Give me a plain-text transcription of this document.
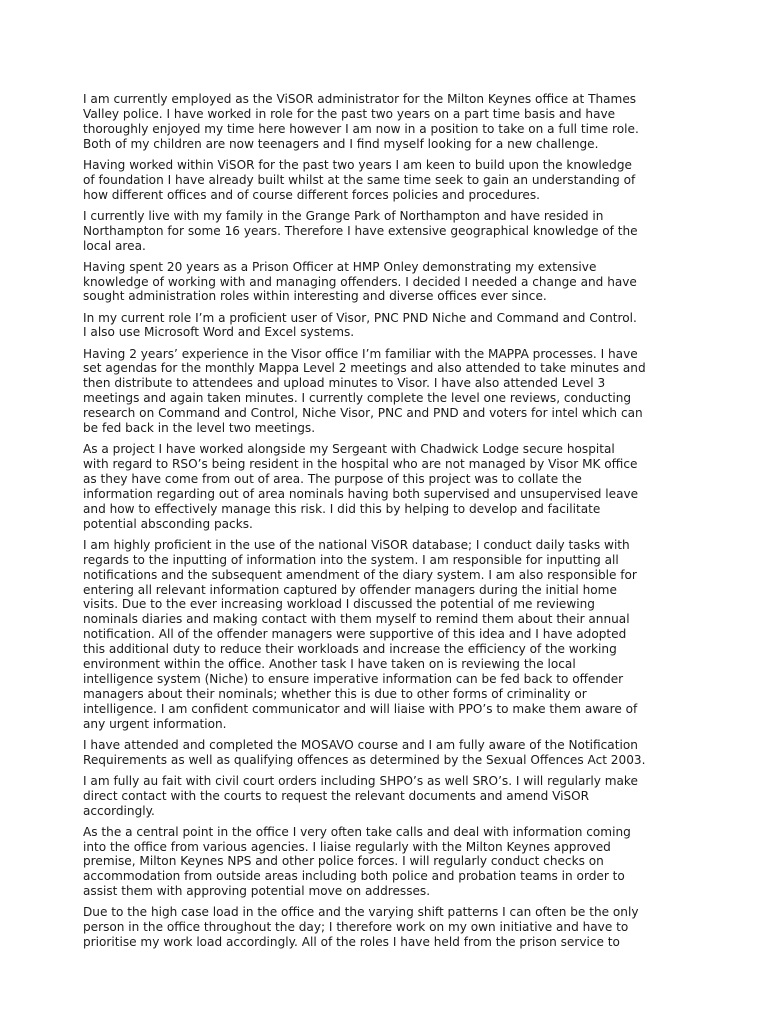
I am currently employed as the ViSOR administrator for the Milton Keynes office at Thames
Valley police. I have worked in role for the past two years on a part time basis and have
thoroughly enjoyed my time here however I am now in a position to take on a full time role.
Both of my children are now teenagers and I find myself looking for a new challenge.

Having worked within ViSOR for the past two years I am keen to build upon the knowledge
of foundation I have already built whilst at the same time seek to gain an understanding of
how different offices and of course different forces policies and procedures.

I currently live with my family in the Grange Park of Northampton and have resided in
Northampton for some 16 years. Therefore I have extensive geographical knowledge of the
local area.

Having spent 20 years as a Prison Officer at HMP Onley demonstrating my extensive
knowledge of working with and managing offenders. I decided I needed a change and have
sought administration roles within interesting and diverse offices ever since.

In my current role I’m a proficient user of Visor, PNC PND Niche and Command and Control.
I also use Microsoft Word and Excel systems.

Having 2 years’ experience in the Visor office I’m familiar with the MAPPA processes. I have
set agendas for the monthly Mappa Level 2 meetings and also attended to take minutes and
then distribute to attendees and upload minutes to Visor. I have also attended Level 3
meetings and again taken minutes. I currently complete the level one reviews, conducting
research on Command and Control, Niche Visor, PNC and PND and voters for intel which can
be fed back in the level two meetings.

As a project I have worked alongside my Sergeant with Chadwick Lodge secure hospital
with regard to RSO’s being resident in the hospital who are not managed by Visor MK office
as they have come from out of area. The purpose of this project was to collate the
information regarding out of area nominals having both supervised and unsupervised leave
and how to effectively manage this risk. I did this by helping to develop and facilitate
potential absconding packs.

I am highly proficient in the use of the national ViSOR database; I conduct daily tasks with
regards to the inputting of information into the system. I am responsible for inputting all
notifications and the subsequent amendment of the diary system. I am also responsible for
entering all relevant information captured by offender managers during the initial home
visits. Due to the ever increasing workload I discussed the potential of me reviewing
nominals diaries and making contact with them myself to remind them about their annual
notification. All of the offender managers were supportive of this idea and I have adopted
this additional duty to reduce their workloads and increase the efficiency of the working
environment within the office. Another task I have taken on is reviewing the local
intelligence system (Niche) to ensure imperative information can be fed back to offender
managers about their nominals; whether this is due to other forms of criminality or
intelligence. I am confident communicator and will liaise with PPO’s to make them aware of
any urgent information.

I have attended and completed the MOSAVO course and I am fully aware of the Notification
Requirements as well as qualifying offences as determined by the Sexual Offences Act 2003.

I am fully au fait with civil court orders including SHPO’s as well SRO’s. I will regularly make
direct contact with the courts to request the relevant documents and amend ViSOR
accordingly.

As the a central point in the office I very often take calls and deal with information coming
into the office from various agencies. I liaise regularly with the Milton Keynes approved
premise, Milton Keynes NPS and other police forces. I will regularly conduct checks on
accommodation from outside areas including both police and probation teams in order to
assist them with approving potential move on addresses.

Due to the high case load in the office and the varying shift patterns I can often be the only
person in the office throughout the day; I therefore work on my own initiative and have to
prioritise my work load accordingly. All of the roles I have held from the prison service to
